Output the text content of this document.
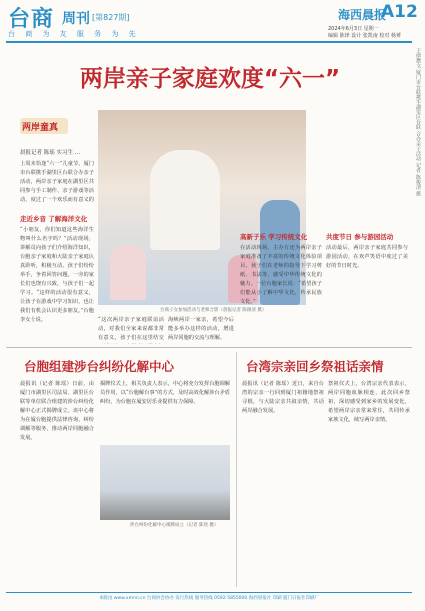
台商 周刊 [第827期]
台 商 为 友 服 务 为 先
海西晨报
A12
2024年6月3日 星期一
编辑 陈律 设计 张凯南 校对 杨赟
王律撰文 厦门市台联携手湖里区台联 合办亲子活动 记者 陈俊清 摄
两岸亲子家庭欢度“六一”
两岸童真
晨报记者 陈瑶 实习生 …
上周末恰逢“六一”儿童节，厦门市台联携手湖里区台联合办亲子活动，两岸亲子家庭在湖里区共同参与手工制作、亲子游戏等活动，度过了一个欢乐而有意义的
走近乡音 了解海洋文化
“小朋友，你们知道这些海洋生物叫什么名字吗？”活动现场，讲解员向孩子们介绍海洋知识，台胞亲子家庭和大陆亲子家庭认真聆听，积极互动。孩子们纷纷举手，争着回答问题。一旁的家长们也饶有兴致，与孩子们一起学习。“这样的活动很有意义，让孩子在游戏中学习知识，也让我们有机会认识更多朋友。”台胞李女士说。
台商子女参加活动与老师合影（晨报记者 陈俊清 摄）
“这次两岸亲子家庭联谊活动，对我们全家来说都非常有意义，孩子们在这里结交
海峡两岸一家亲，希望今后能多举办这样的活动，增进两岸同胞的交流与理解。
高新子乐 学习传统文化
在活动现场，主办方还为两岸亲子家庭准备了丰富的传统文化体验项目。孩子们在老师的指导下学习剪纸、书法等，感受中华传统文化的魅力。一位台胞家长说：“希望孩子们能从小了解中华文化，传承民族文化。”
共度节日 参与游园活动
活动最后，两岸亲子家庭共同参与游园活动，在欢声笑语中度过了美好的节日时光。
台胞组建涉台纠纷化解中心
晨报讯（记者 陈瑶）日前，由厦门市湖里区司法局、湖里区台联等单位联合组建的涉台纠纷化解中心正式揭牌成立。该中心将为在厦台胞提供法律咨询、纠纷调解等服务，推动两岸同胞融合发展。
揭牌仪式上，相关负责人表示，中心将充分发挥台胞调解员作用，以“台胞解台事”的方式，及时高效化解涉台矛盾纠纷，为台胞在厦安居乐业提供有力保障。
涉台纠纷化解中心揭牌成立（记者 陈瑶 摄）
台湾宗亲回乡祭祖话亲情
晨报讯（记者 陈瑶）近日，来自台湾的宗亲一行回到厦门祖籍地祭祖寻根，与大陆宗亲共叙亲情，共话两岸融合发展。
祭祖仪式上，台湾宗亲代表表示，两岸同胞血脉相连，此次回乡祭祖，深切感受到家乡的发展变化，希望两岸宗亲常来常往，共同传承家族文化，续写两岸亲情。
本版由 www.xmnn.cn 台商协会协办 发行热线 服务热线 0592-5855000 海西晨报社 印刷 厦门日报社印刷厂
